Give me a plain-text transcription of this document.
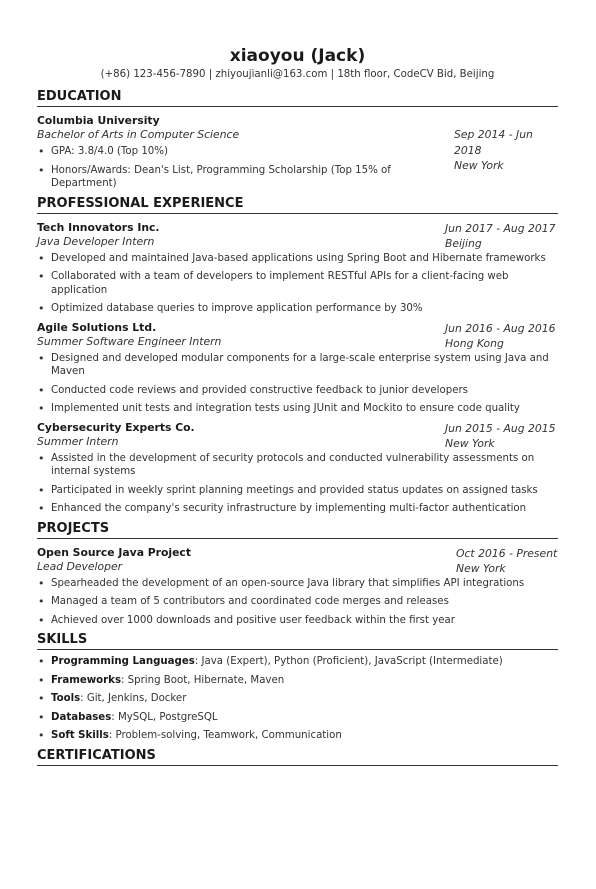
xiaoyou (Jack)
(+86) 123-456-7890 | zhiyoujianli@163.com | 18th floor, CodeCV Bid, Beijing
EDUCATION
Columbia University
Bachelor of Arts in Computer Science
• GPA: 3.8/4.0 (Top 10%)
• Honors/Awards: Dean's List, Programming Scholarship (Top 15% of Department)
Sep 2014 - Jun 2018
New York
PROFESSIONAL EXPERIENCE
Tech Innovators Inc.
Java Developer Intern
Jun 2017 - Aug 2017
Beijing
• Developed and maintained Java-based applications using Spring Boot and Hibernate frameworks
• Collaborated with a team of developers to implement RESTful APIs for a client-facing web application
• Optimized database queries to improve application performance by 30%
Agile Solutions Ltd.
Summer Software Engineer Intern
Jun 2016 - Aug 2016
Hong Kong
• Designed and developed modular components for a large-scale enterprise system using Java and Maven
• Conducted code reviews and provided constructive feedback to junior developers
• Implemented unit tests and integration tests using JUnit and Mockito to ensure code quality
Cybersecurity Experts Co.
Summer Intern
Jun 2015 - Aug 2015
New York
• Assisted in the development of security protocols and conducted vulnerability assessments on internal systems
• Participated in weekly sprint planning meetings and provided status updates on assigned tasks
• Enhanced the company's security infrastructure by implementing multi-factor authentication
PROJECTS
Open Source Java Project
Lead Developer
Oct 2016 - Present
New York
• Spearheaded the development of an open-source Java library that simplifies API integrations
• Managed a team of 5 contributors and coordinated code merges and releases
• Achieved over 1000 downloads and positive user feedback within the first year
SKILLS
• Programming Languages: Java (Expert), Python (Proficient), JavaScript (Intermediate)
• Frameworks: Spring Boot, Hibernate, Maven
• Tools: Git, Jenkins, Docker
• Databases: MySQL, PostgreSQL
• Soft Skills: Problem-solving, Teamwork, Communication
CERTIFICATIONS
